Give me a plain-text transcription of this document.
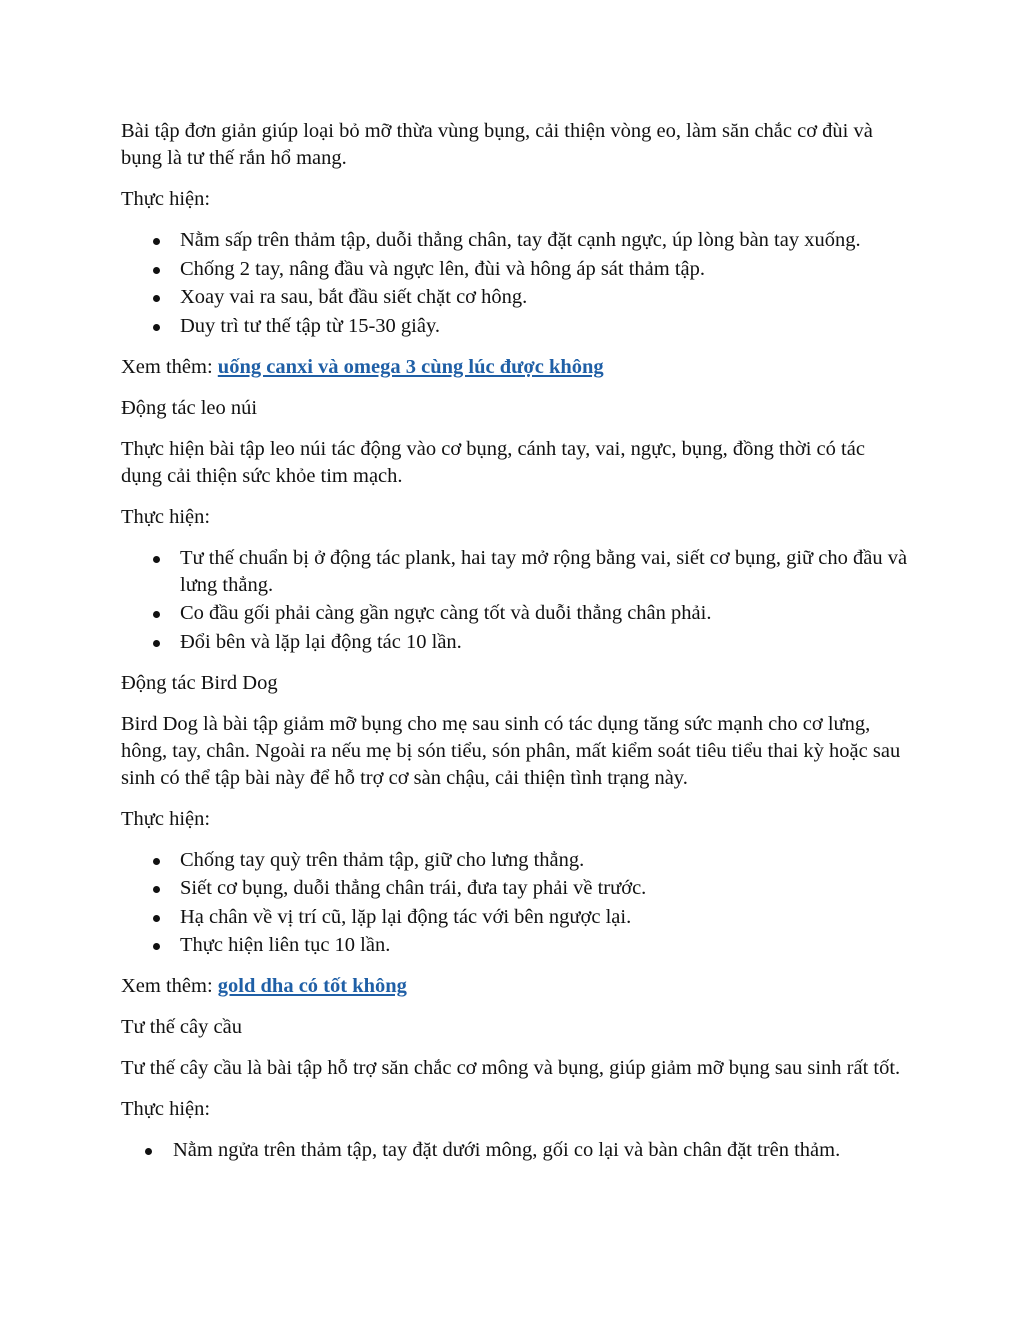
Bài tập đơn giản giúp loại bỏ mỡ thừa vùng bụng, cải thiện vòng eo, làm săn chắc cơ đùi và bụng là tư thế rắn hổ mang.

Thực hiện:

Nằm sấp trên thảm tập, duỗi thẳng chân, tay đặt cạnh ngực, úp lòng bàn tay xuống.
Chống 2 tay, nâng đầu và ngực lên, đùi và hông áp sát thảm tập.
Xoay vai ra sau, bắt đầu siết chặt cơ hông.
Duy trì tư thế tập từ 15-30 giây.

Xem thêm: uống canxi và omega 3 cùng lúc được không

Động tác leo núi

Thực hiện bài tập leo núi tác động vào cơ bụng, cánh tay, vai, ngực, bụng, đồng thời có tác dụng cải thiện sức khỏe tim mạch.

Thực hiện:

Tư thế chuẩn bị ở động tác plank, hai tay mở rộng bằng vai, siết cơ bụng, giữ cho đầu và lưng thẳng.
Co đầu gối phải càng gần ngực càng tốt và duỗi thẳng chân phải.
Đổi bên và lặp lại động tác 10 lần.

Động tác Bird Dog

Bird Dog là bài tập giảm mỡ bụng cho mẹ sau sinh có tác dụng tăng sức mạnh cho cơ lưng, hông, tay, chân. Ngoài ra nếu mẹ bị són tiểu, són phân, mất kiểm soát tiêu tiểu thai kỳ hoặc sau sinh có thể tập bài này để hỗ trợ cơ sàn chậu, cải thiện tình trạng này.

Thực hiện:

Chống tay quỳ trên thảm tập, giữ cho lưng thẳng.
Siết cơ bụng, duỗi thẳng chân trái, đưa tay phải về trước.
Hạ chân về vị trí cũ, lặp lại động tác với bên ngược lại.
Thực hiện liên tục 10 lần.

Xem thêm: gold dha có tốt không

Tư thế cây cầu

Tư thế cây cầu là bài tập hỗ trợ săn chắc cơ mông và bụng, giúp giảm mỡ bụng sau sinh rất tốt.

Thực hiện:

Nằm ngửa trên thảm tập, tay đặt dưới mông, gối co lại và bàn chân đặt trên thảm.
